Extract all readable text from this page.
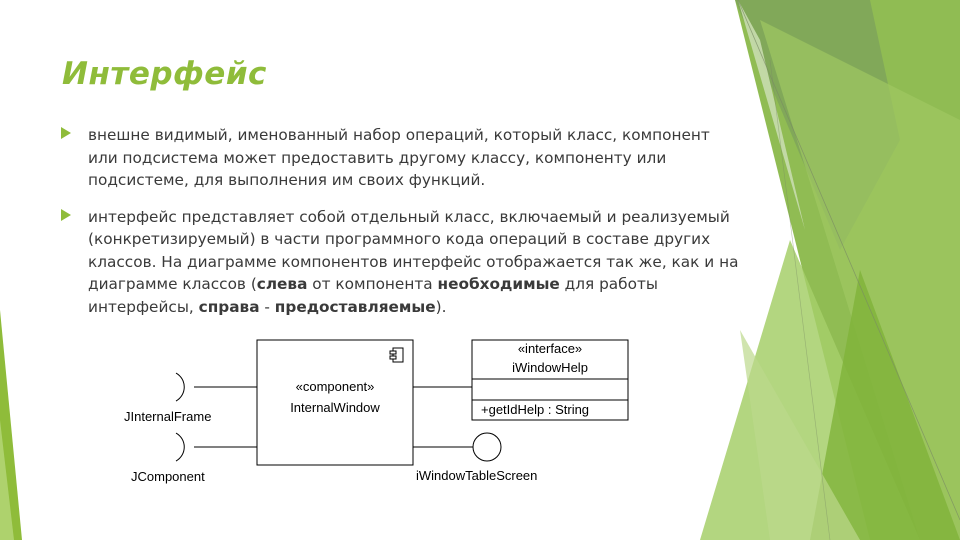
Интерфейс
внешне видимый, именованный набор операций, который класс, компонент или подсистема может предоставить другому классу, компоненту или подсистеме, для выполнения им своих функций.
интерфейс представляет собой отдельный класс, включаемый и реализуемый (конкретизируемый) в части программного кода операций в составе других классов. На диаграмме компонентов интерфейс отображается так же, как и на диаграмме классов (слева от компонента необходимые для работы интерфейсы, справа - предоставляемые).
«component»
InternalWindow
JInternalFrame
JComponent	iWindowTableScreen
«interface»
iWindowHelp
+getIdHelp : String
